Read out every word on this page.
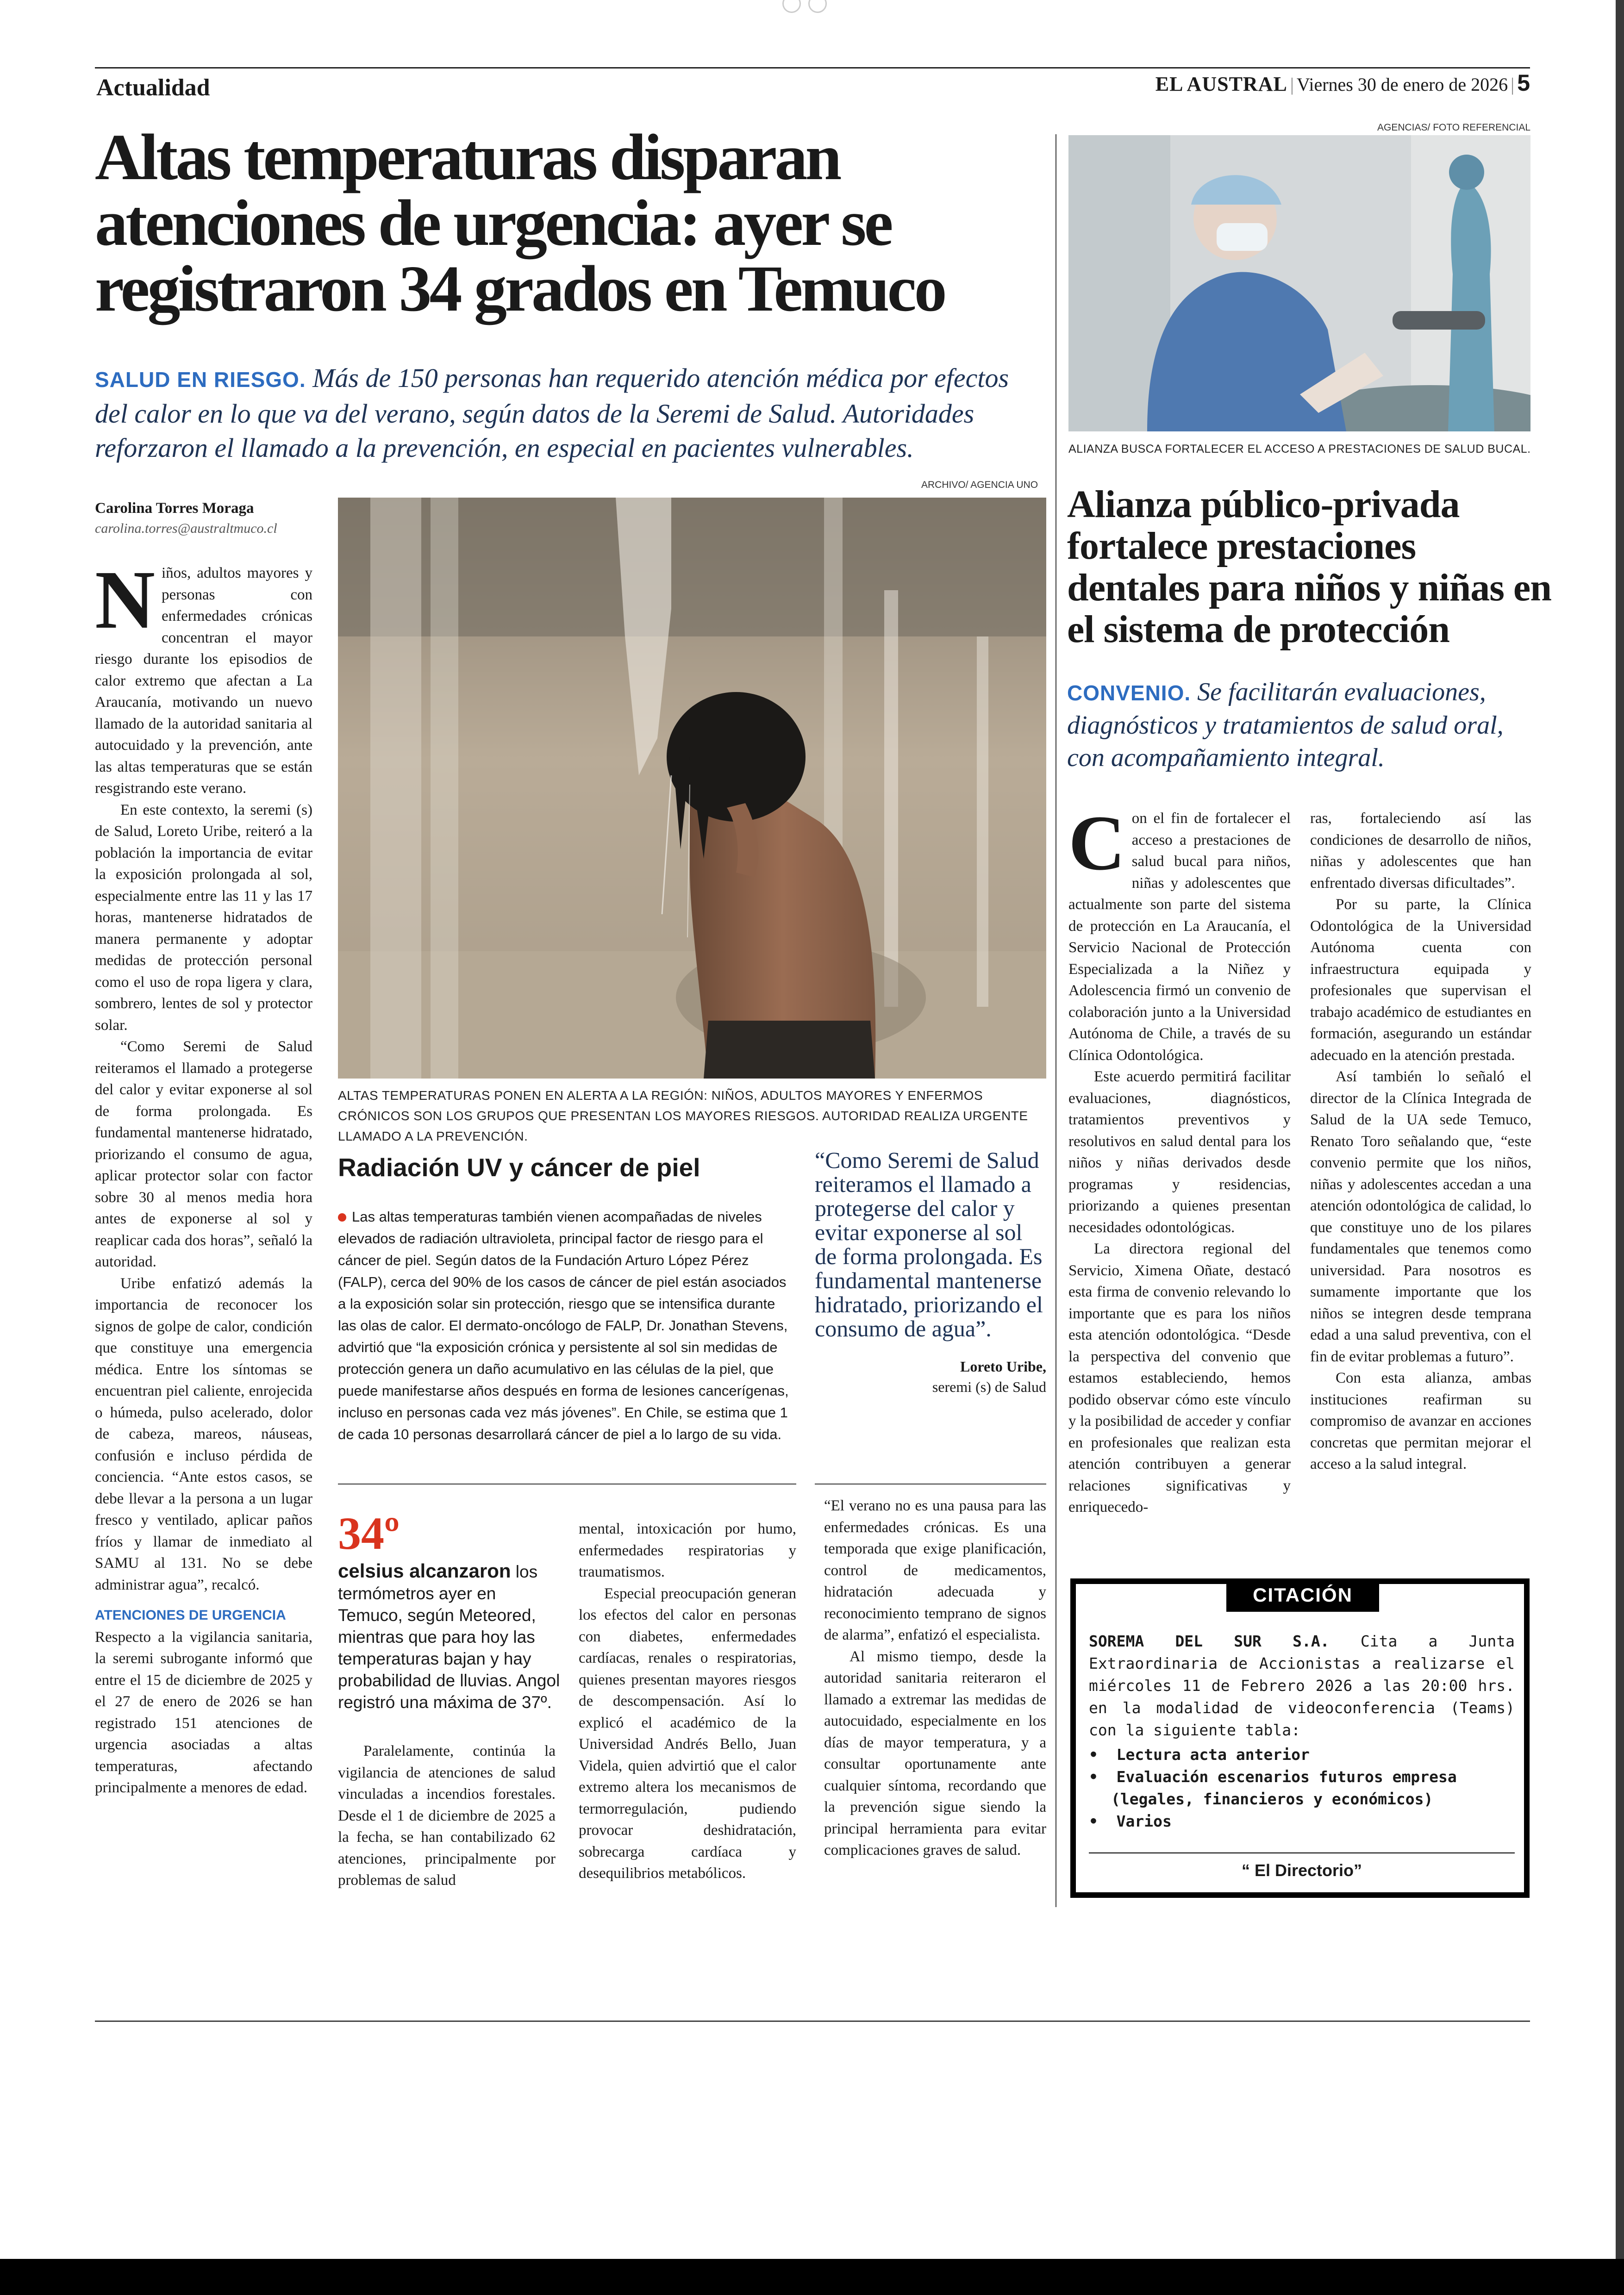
Actualidad	EL AUSTRAL | Viernes 30 de enero de 2026 | 5
Altas temperaturas disparan atenciones de urgencia: ayer se registraron 34 grados en Temuco
SALUD EN RIESGO. Más de 150 personas han requerido atención médica por efectos del calor en lo que va del verano, según datos de la Seremi de Salud. Autoridades reforzaron el llamado a la prevención, en especial en pacientes vulnerables.
Carolina Torres Moraga
carolina.torres@australtmuco.cl

Niños, adultos mayores y personas con enfermedades crónicas concentran el mayor riesgo durante los episodios de calor extremo que afectan a La Araucanía, motivando un nuevo llamado de la autoridad sanitaria al autocuidado y la prevención, ante las altas temperaturas que se están resgistrando este verano.

En este contexto, la seremi (s) de Salud, Loreto Uribe, reiteró a la población la importancia de evitar la exposición prolongada al sol, especialmente entre las 11 y las 17 horas, mantenerse hidratados de manera permanente y adoptar medidas de protección personal como el uso de ropa ligera y clara, sombrero, lentes de sol y protector solar.

“Como Seremi de Salud reiteramos el llamado a protegerse del calor y evitar exponerse al sol de forma prolongada. Es fundamental mantenerse hidratado, priorizando el consumo de agua, aplicar protector solar con factor sobre 30 al menos media hora antes de exponerse al sol y reaplicar cada dos horas”, señaló la autoridad.

Uribe enfatizó además la importancia de reconocer los signos de golpe de calor, condición que constituye una emergencia médica. Entre los síntomas se encuentran piel caliente, enrojecida o húmeda, pulso acelerado, dolor de cabeza, mareos, náuseas, confusión e incluso pérdida de conciencia. “Ante estos casos, se debe llevar a la persona a un lugar fresco y ventilado, aplicar paños fríos y llamar de inmediato al SAMU al 131. No se debe administrar agua”, recalcó.

ATENCIONES DE URGENCIA

Respecto a la vigilancia sanitaria, la seremi subrogante informó que entre el 15 de diciembre de 2025 y el 27 de enero de 2026 se han registrado 151 atenciones de urgencia asociadas a altas temperaturas, afectando principalmente a menores de edad.

ARCHIVO/ AGENCIA UNO
ALTAS TEMPERATURAS PONEN EN ALERTA A LA REGIÓN: NIÑOS, ADULTOS MAYORES Y ENFERMOS CRÓNICOS SON LOS GRUPOS QUE PRESENTAN LOS MAYORES RIESGOS. AUTORIDAD REALIZA URGENTE LLAMADO A LA PREVENCIÓN.
Radiación UV y cáncer de piel
Las altas temperaturas también vienen acompañadas de niveles elevados de radiación ultravioleta, principal factor de riesgo para el cáncer de piel. Según datos de la Fundación Arturo López Pérez (FALP), cerca del 90% de los casos de cáncer de piel están asociados a la exposición solar sin protección, riesgo que se intensifica durante las olas de calor. El dermato-oncólogo de FALP, Dr. Jonathan Stevens, advirtió que “la exposición crónica y persistente al sol sin medidas de protección genera un daño acumulativo en las células de la piel, que puede manifestarse años después en forma de lesiones cancerígenas, incluso en personas cada vez más jóvenes”. En Chile, se estima que 1 de cada 10 personas desarrollará cáncer de piel a lo largo de su vida.
34º
celsius alcanzaron los termómetros ayer en Temuco, según Meteored, mientras que para hoy las temperaturas bajan y hay probabilidad de lluvias. Angol registró una máxima de 37º.

Paralelamente, continúa la vigilancia de atenciones de salud vinculadas a incendios forestales. Desde el 1 de diciembre de 2025 a la fecha, se han contabilizado 62 atenciones, principalmente por problemas de salud

mental, intoxicación por humo, enfermedades respiratorias y traumatismos.

Especial preocupación generan los efectos del calor en personas con diabetes, enfermedades cardíacas, renales o respiratorias, quienes presentan mayores riesgos de descompensación. Así lo explicó el académico de la Universidad Andrés Bello, Juan Videla, quien advirtió que el calor extremo altera los mecanismos de termorregulación, pudiendo provocar deshidratación, sobrecarga cardíaca y desequilibrios metabólicos.

“Como Seremi de Salud reiteramos el llamado a protegerse del calor y evitar exponerse al sol de forma prolongada. Es fundamental mantenerse hidratado, priorizando el consumo de agua”.
Loreto Uribe,
seremi (s) de Salud

“El verano no es una pausa para las enfermedades crónicas. Es una temporada que exige planificación, control de medicamentos, hidratación adecuada y reconocimiento temprano de signos de alarma”, enfatizó el especialista.

Al mismo tiempo, desde la autoridad sanitaria reiteraron el llamado a extremar las medidas de autocuidado, especialmente en los días de mayor temperatura, y a consultar oportunamente ante cualquier síntoma, recordando que la prevención sigue siendo la principal herramienta para evitar complicaciones graves de salud.

AGENCIAS/ FOTO REFERENCIAL
ALIANZA BUSCA FORTALECER EL ACCESO A PRESTACIONES DE SALUD BUCAL.
Alianza público-privada fortalece prestaciones dentales para niños y niñas en el sistema de protección
CONVENIO. Se facilitarán evaluaciones, diagnósticos y tratamientos de salud oral, con acompañamiento integral.

Con el fin de fortalecer el acceso a prestaciones de salud bucal para niños, niñas y adolescentes que actualmente son parte del sistema de protección en La Araucanía, el Servicio Nacional de Protección Especializada a la Niñez y Adolescencia firmó un convenio de colaboración junto a la Universidad Autónoma de Chile, a través de su Clínica Odontológica.

Este acuerdo permitirá facilitar evaluaciones, diagnósticos, tratamientos preventivos y resolutivos en salud dental para los niños y niñas derivados desde programas y residencias, priorizando a quienes presentan necesidades odontológicas.

La directora regional del Servicio, Ximena Oñate, destacó esta firma de convenio relevando lo importante que es para los niños esta atención odontológica. “Desde la perspectiva del convenio que estamos estableciendo, hemos podido observar cómo este vínculo y la posibilidad de acceder y confiar en profesionales que realizan esta atención contribuyen a generar relaciones significativas y enriquecedo-

ras, fortaleciendo así las condiciones de desarrollo de niños, niñas y adolescentes que han enfrentado diversas dificultades”.

Por su parte, la Clínica Odontológica de la Universidad Autónoma cuenta con infraestructura equipada y profesionales que supervisan el trabajo académico de estudiantes en formación, asegurando un estándar adecuado en la atención prestada.

Así también lo señaló el director de la Clínica Integrada de Salud de la UA sede Temuco, Renato Toro señalando que, “este convenio permite que los niños, niñas y adolescentes accedan a una atención odontológica de calidad, lo que constituye uno de los pilares fundamentales que tenemos como universidad. Para nosotros es sumamente importante que los niños se integren desde temprana edad a una salud preventiva, con el fin de evitar problemas a futuro”.

Con esta alianza, ambas instituciones reafirman su compromiso de avanzar en acciones concretas que permitan mejorar el acceso a la salud integral.

CITACIÓN
SOREMA DEL SUR S.A. Cita a Junta Extraordinaria de Accionistas a realizarse el miércoles 11 de Febrero 2026 a las 20:00 hrs. en la modalidad de videoconferencia (Teams) con la siguiente tabla:
•  Lectura acta anterior
•  Evaluación escenarios futuros empresa (legales, financieros y económicos)
•  Varios
“ El Directorio”
